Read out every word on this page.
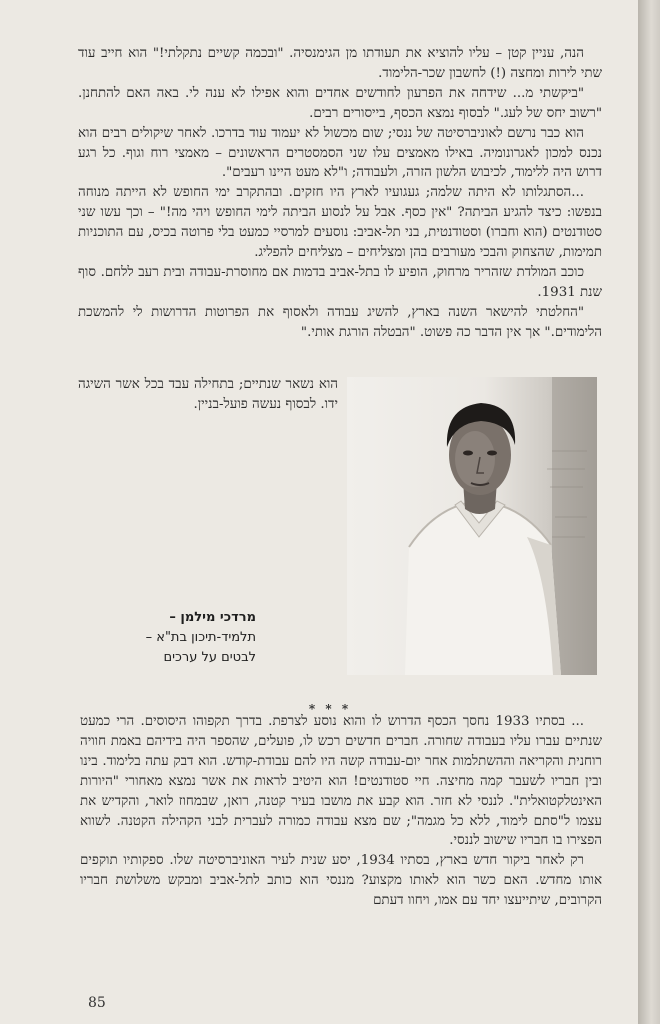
הנה, עניין קטן – עליו להוציא את תעודתו מן הגימנסיה. "ובכמה קשיים נתקלתי!" הוא חייב עוד שתי לירות ומחצה (!) לחשבון שכר-הלימוד.

"ביקשתי מ... שידחה את הפרעון לחודשים אחדים והוא אפילו לא ענה לי. באה האם להתחנן. "רשוב יחס של לעג." לבסוף נמצא הכסף, בייסורים רבים.

הוא כבר נרשם לאוניברסיטה של ננסי; שום מכשול לא יעמוד עוד בדרכו. לאחר שיקולים רבים הוא נכנס למכון לאגרונומיה. באילו מאמצים עלו שני הסמסטרים הראשונים – מאמצי רוח וגוף. כל רגע דרוש היה ללימוד, לכיבוש הלשון הזרה, ולעבודה; ו"לא מעט היינו רעבים".

...הסתגלותו לא היתה שלמה; געגועיו לארץ היו חזקים. ובהתקרב ימי החופש לא הייתה מנוחה בנפשו: כיצד להגיע הביתה? "אין כסף. אבל על לנסוע הביתה לימי החופש ויהי מה!" – וכך עשו שני סטודנטים (הוא וחברו) וסטודנטית, בני תל-אביב: נוסעים למרסיי כמעט בלי פרוטה בכיס, עם התוכניות תמימות, שהצחוק והבכי מעורבים בהן ומצליחים – מצליחים להפליג.

כוכב המולדת שזהריר מרחוק, הופיע לו בתל-אביב בדמות אם מחוסרת-עבודה ובית רעב ללחם. סוף שנת 1931.

"החלטתי להישאר השנה בארץ, להשיג עבודה ולאסוף את הפרוטות הדרושות לי להמשכת הלימודים." אך אין הדבר כה פשוט. "הבטלה הורגת אותי."

הוא נשאר שנתיים; בתחילה עבד בכל אשר השיגה ידו. לבסוף נעשה פועל-בניין.
מרדכי מילמן –
תלמיד-תיכון בת"א –
לבטים על ערכים
* * *

... בסתיו 1933 נחסך הכסף הדרוש לו והוא נוסע לצרפת. בדרך תקפוהו היסוסים. הרי כמעט שנתיים עברו עליו בעבודה שחורה. חברים חדשים רכש לו, פועלים, שהספר היה בידיהם באמת חוויה רוחנית והקריאה וההשתלמות אחר יום-עבודה קשה היו להם עבודת-קודש. הוא דבק עתה בלימוד. בינו ובין חבריו לשעבר קמה מחיצה. חיי סטודנטים! הוא היטיב לראות את אשר נמצא מאחורי "היורות האינטלקטואלית". לננסי לא חזר. הוא קבע את מושבו בעיר קטנה, רואן, שבמחוז לואר, והקדיש את עצמו ל"סתם לימוד, ללא כל מגמה"; שם מצא עבודה כמורה לעברית לבני הקהילה הקטנה. לשווא הפצירו בו חבריו שישוב לננסי.

רק לאחר ביקור חדש בארץ, בסתיו 1934, יסע שנית לעיר האוניברסיטה שלו. ספקותיו תוקפים אותו מחדש. האם כשר הוא לאותו מקצוע? מננסי הוא כותב לתל-אביב ומבקש משלושת חבריו הקרובים, שיתייעצו יחד עם אמו, ויחוו דעתם

85
